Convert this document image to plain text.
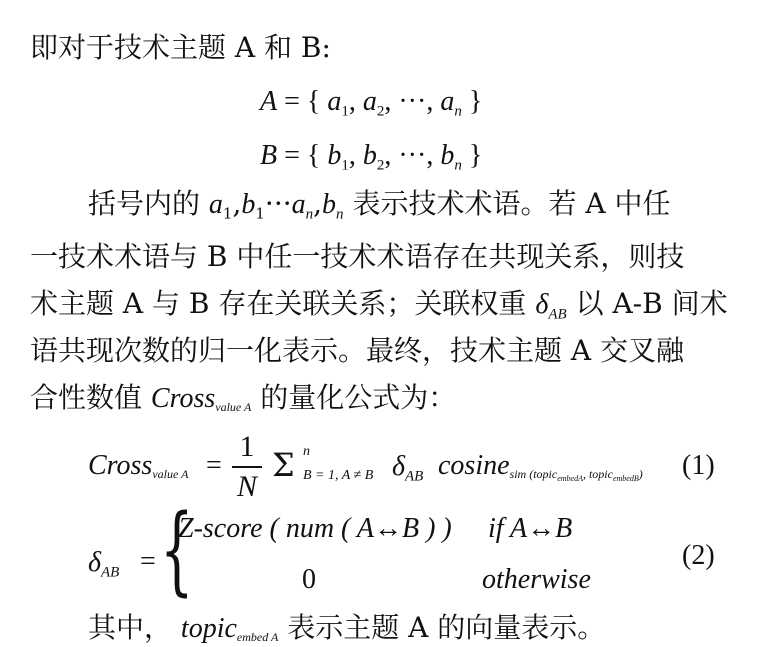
即对于技术主题 A 和 B:
A = { $a_1$, $a_2$, ···, $a_n$ }
B = { $b_1$, $b_2$, ···, $b_n$ }
括号内的 $a_1,b_1\cdot\cdot\cdot a_n,b_n$ 表示技术术语。若 A 中任
一技术术语与 B 中任一技术术语存在共现关系，则技
术主题 A 与 B 存在关联关系；关联权重 $\delta_{AB}$ 以 A-B 间术
语共现次数的归一化表示。最终，技术主题 A 交叉融
合性数值 Cross$_{value A}$ 的量化公式为：
Cross$_{value A}$ =
1
N
Σ n
B = 1, A ≠ B $\delta_{AB}$ cosine$_{sim (topic_{embedA}, topic_{embedB})}$ (1)
$\delta_{AB}$ = {
Z-score ( num ( A↔B ) ) if A↔B
0	otherwise
(2)
其中， topic$_{embed A}$ 表示主题 A 的向量表示。
